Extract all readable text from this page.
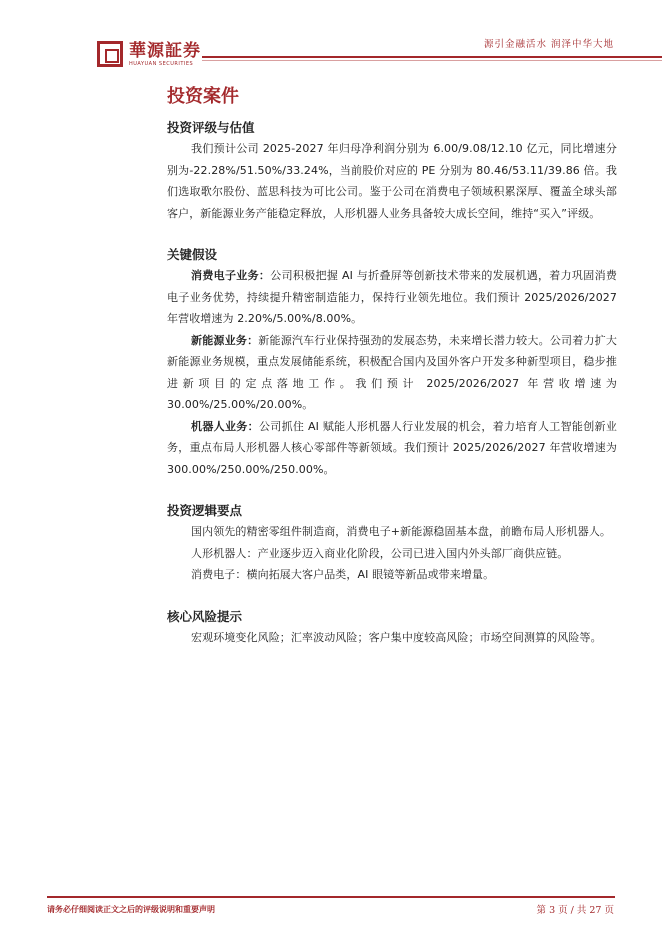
華源証券
HUAYUAN SECURITIES
源引金融活水 润泽中华大地
投资案件
投资评级与估值

我们预计公司 2025-2027 年归母净利润分别为 6.00/9.08/12.10 亿元，同比增速分别为-22.28%/51.50%/33.24%，当前股价对应的 PE 分别为 80.46/53.11/39.86 倍。我们选取歌尔股份、蓝思科技为可比公司。鉴于公司在消费电子领域积累深厚、覆盖全球头部客户，新能源业务产能稳定释放，人形机器人业务具备较大成长空间，维持“买入”评级。

关键假设

消费电子业务：公司积极把握 AI 与折叠屏等创新技术带来的发展机遇，着力巩固消费电子业务优势，持续提升精密制造能力，保持行业领先地位。我们预计 2025/2026/2027 年营收增速为 2.20%/5.00%/8.00%。

新能源业务：新能源汽车行业保持强劲的发展态势，未来增长潜力较大。公司着力扩大新能源业务规模，重点发展储能系统，积极配合国内及国外客户开发多种新型项目，稳步推进新项目的定点落地工作。我们预计 2025/2026/2027 年营收增速为 30.00%/25.00%/20.00%。

机器人业务：公司抓住 AI 赋能人形机器人行业发展的机会，着力培育人工智能创新业务，重点布局人形机器人核心零部件等新领域。我们预计 2025/2026/2027 年营收增速为 300.00%/250.00%/250.00%。

投资逻辑要点

国内领先的精密零组件制造商，消费电子+新能源稳固基本盘，前瞻布局人形机器人。

人形机器人：产业逐步迈入商业化阶段，公司已进入国内外头部厂商供应链。

消费电子：横向拓展大客户品类，AI 眼镜等新品或带来增量。

核心风险提示

宏观环境变化风险；汇率波动风险；客户集中度较高风险；市场空间测算的风险等。

请务必仔细阅读正文之后的评级说明和重要声明	第 3 页 / 共 27 页
